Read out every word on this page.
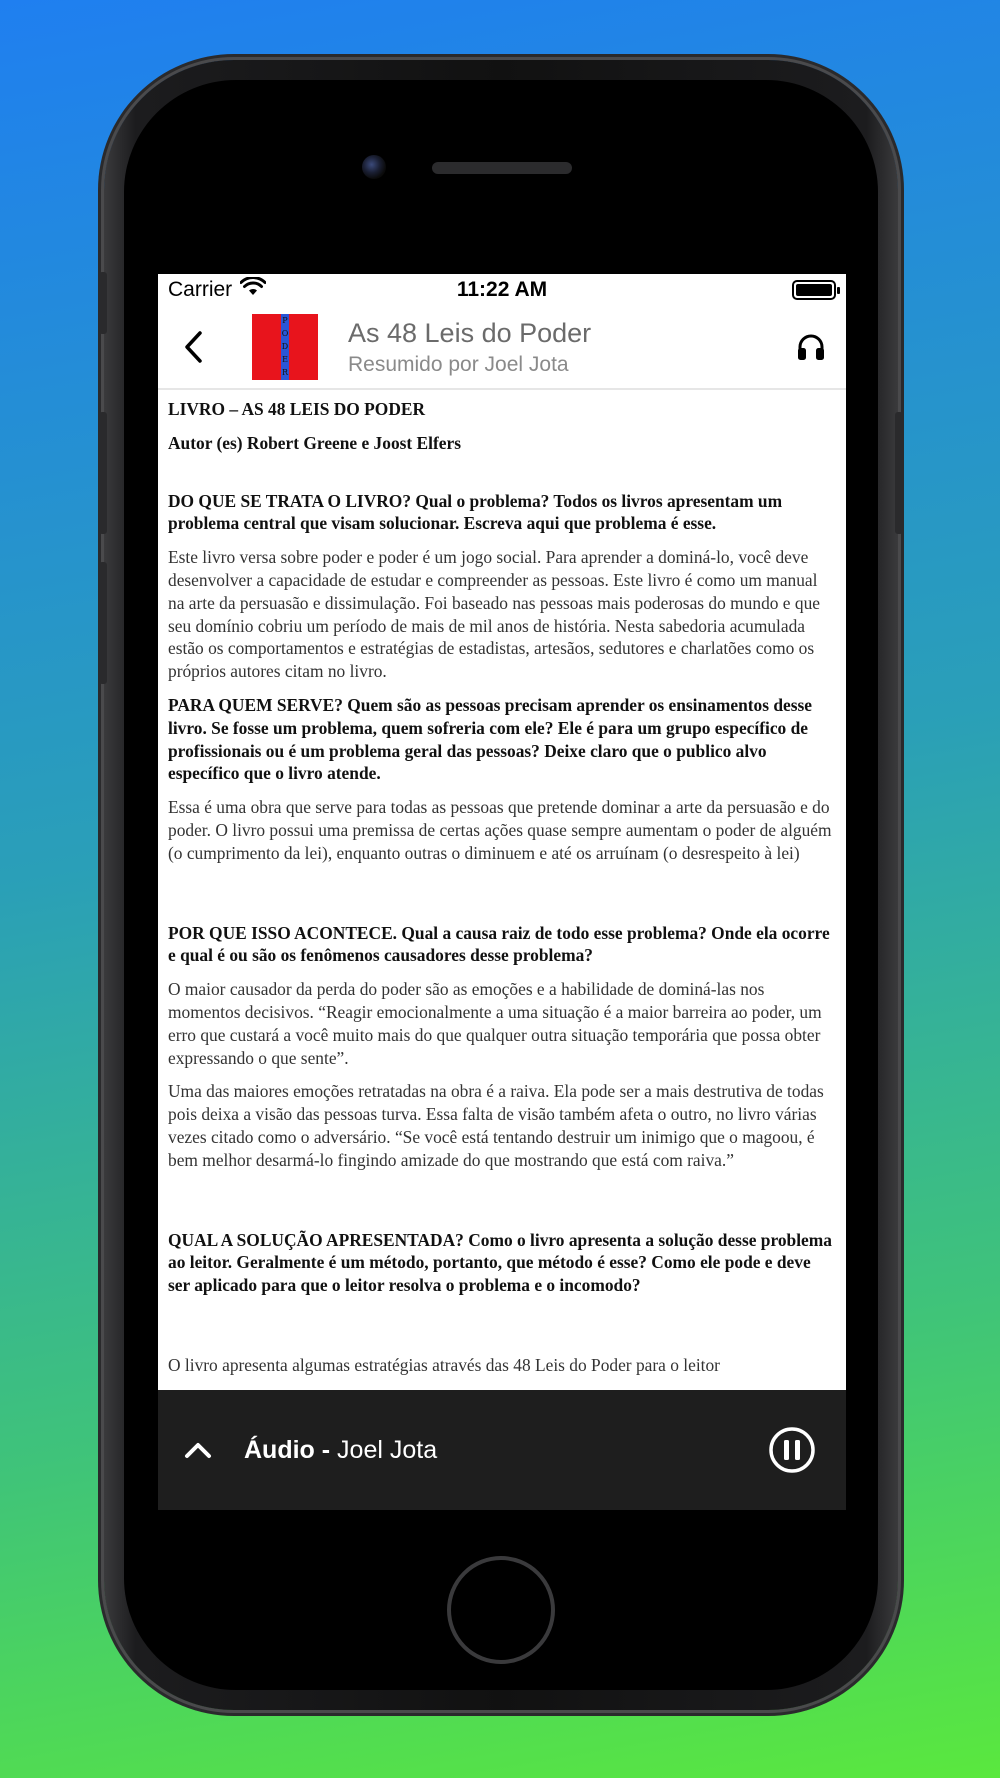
Carrier	11:22 AM
P
O
D
E
R
As 48 Leis do Poder
Resumido por Joel Jota

LIVRO – AS 48 LEIS DO PODER

Autor (es) Robert Greene e Joost Elfers

DO QUE SE TRATA O LIVRO? Qual o problema? Todos os livros apresentam um problema central que visam solucionar. Escreva aqui que problema é esse.

Este livro versa sobre poder e poder é um jogo social. Para aprender a dominá-lo, você deve desenvolver a capacidade de estudar e compreender as pessoas. Este livro é como um manual na arte da persuasão e dissimulação. Foi baseado nas pessoas mais poderosas do mundo e que seu domínio cobriu um período de mais de mil anos de história. Nesta sabedoria acumulada estão os comportamentos e estratégias de estadistas, artesãos, sedutores e charlatões como os próprios autores citam no livro.

PARA QUEM SERVE? Quem são as pessoas precisam aprender os ensinamentos desse livro. Se fosse um problema, quem sofreria com ele? Ele é para um grupo específico de profissionais ou é um problema geral das pessoas? Deixe claro que o publico alvo específico que o livro atende.

Essa é uma obra que serve para todas as pessoas que pretende dominar a arte da persuasão e do poder. O livro possui uma premissa de certas ações quase sempre aumentam o poder de alguém (o cumprimento da lei), enquanto outras o diminuem e até os arruínam (o desrespeito à lei)

POR QUE ISSO ACONTECE. Qual a causa raiz de todo esse problema? Onde ela ocorre e qual é ou são os fenômenos causadores desse problema?

O maior causador da perda do poder são as emoções e a habilidade de dominá-las nos momentos decisivos. “Reagir emocionalmente a uma situação é a maior barreira ao poder, um erro que custará a você muito mais do que qualquer outra situação temporária que possa obter expressando o que sente”.

Uma das maiores emoções retratadas na obra é a raiva. Ela pode ser a mais destrutiva de todas pois deixa a visão das pessoas turva. Essa falta de visão também afeta o outro, no livro várias vezes citado como o adversário. “Se você está tentando destruir um inimigo que o magoou, é bem melhor desarmá-lo fingindo amizade do que mostrando que está com raiva.”

QUAL A SOLUÇÃO APRESENTADA? Como o livro apresenta a solução desse problema ao leitor. Geralmente é um método, portanto, que método é esse? Como ele pode e deve ser aplicado para que o leitor resolva o problema e o incomodo?

O livro apresenta algumas estratégias através das 48 Leis do Poder para o leitor

Áudio - Joel Jota
